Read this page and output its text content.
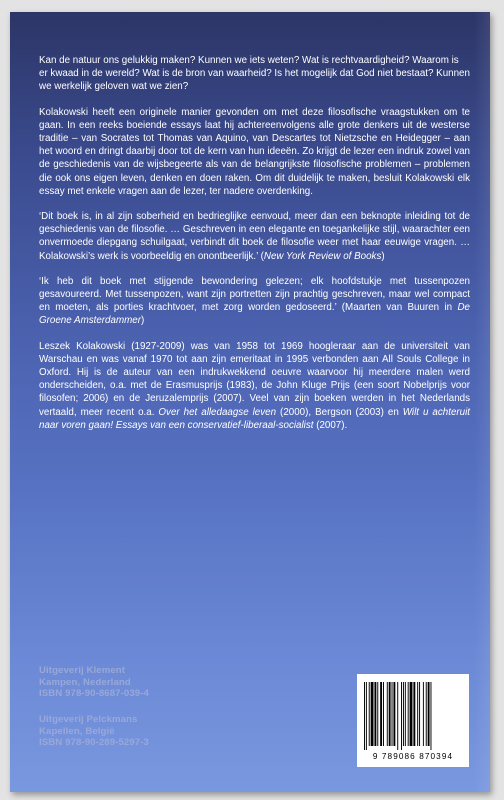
Kan de natuur ons gelukkig maken? Kunnen we iets weten? Wat is rechtvaardigheid? Waarom is er kwaad in de wereld? Wat is de bron van waarheid? Is het mogelijk dat God niet bestaat? Kunnen we werkelijk geloven wat we zien?

Kolakowski heeft een originele manier gevonden om met deze filosofische vraagstukken om te gaan. In een reeks boeiende essays laat hij achtereenvolgens alle grote denkers uit de westerse traditie – van Socrates tot Thomas van Aquino, van Descartes tot Nietzsche en Heidegger – aan het woord en dringt daarbij door tot de kern van hun ideeën. Zo krijgt de lezer een indruk zowel van de geschiedenis van de wijsbegeerte als van de belangrijkste filosofische problemen – problemen die ook ons eigen leven, denken en doen raken. Om dit duidelijk te maken, besluit Kolakowski elk essay met enkele vragen aan de lezer, ter nadere overdenking.

‘Dit boek is, in al zijn soberheid en bedrieglijke eenvoud, meer dan een beknopte inleiding tot de geschiedenis van de filosofie. … Geschreven in een elegante en toegankelijke stijl, waarachter een onvermoede diepgang schuilgaat, verbindt dit boek de filosofie weer met haar eeuwige vragen. … Kolakowski’s werk is voorbeeldig en onontbeerlijk.’ (New York Review of Books)

‘Ik heb dit boek met stijgende bewondering gelezen; elk hoofdstukje met tussenpozen gesavoureerd. Met tussenpozen, want zijn portretten zijn prachtig geschreven, maar wel compact en moeten, als porties krachtvoer, met zorg worden gedoseerd.’ (Maarten van Buuren in De Groene Amsterdammer)

Leszek Kolakowski (1927-2009) was van 1958 tot 1969 hoogleraar aan de universiteit van Warschau en was vanaf 1970 tot aan zijn emeritaat in 1995 verbonden aan All Souls College in Oxford. Hij is de auteur van een indrukwekkend oeuvre waarvoor hij meerdere malen werd onderscheiden, o.a. met de Erasmusprijs (1983), de John Kluge Prijs (een soort Nobelprijs voor filosofen; 2006) en de Jeruzalemprijs (2007). Veel van zijn boeken werden in het Nederlands vertaald, meer recent o.a. Over het alledaagse leven (2000), Bergson (2003) en Wilt u achteruit naar voren gaan! Essays van een conservatief-liberaal-socialist (2007).

Uitgeverij Klement
Kampen, Nederland
ISBN 978-90-8687-039-4
Uitgeverij Pelckmans
Kapellen, België
ISBN 978-90-289-5297-3
9 789086 870394
